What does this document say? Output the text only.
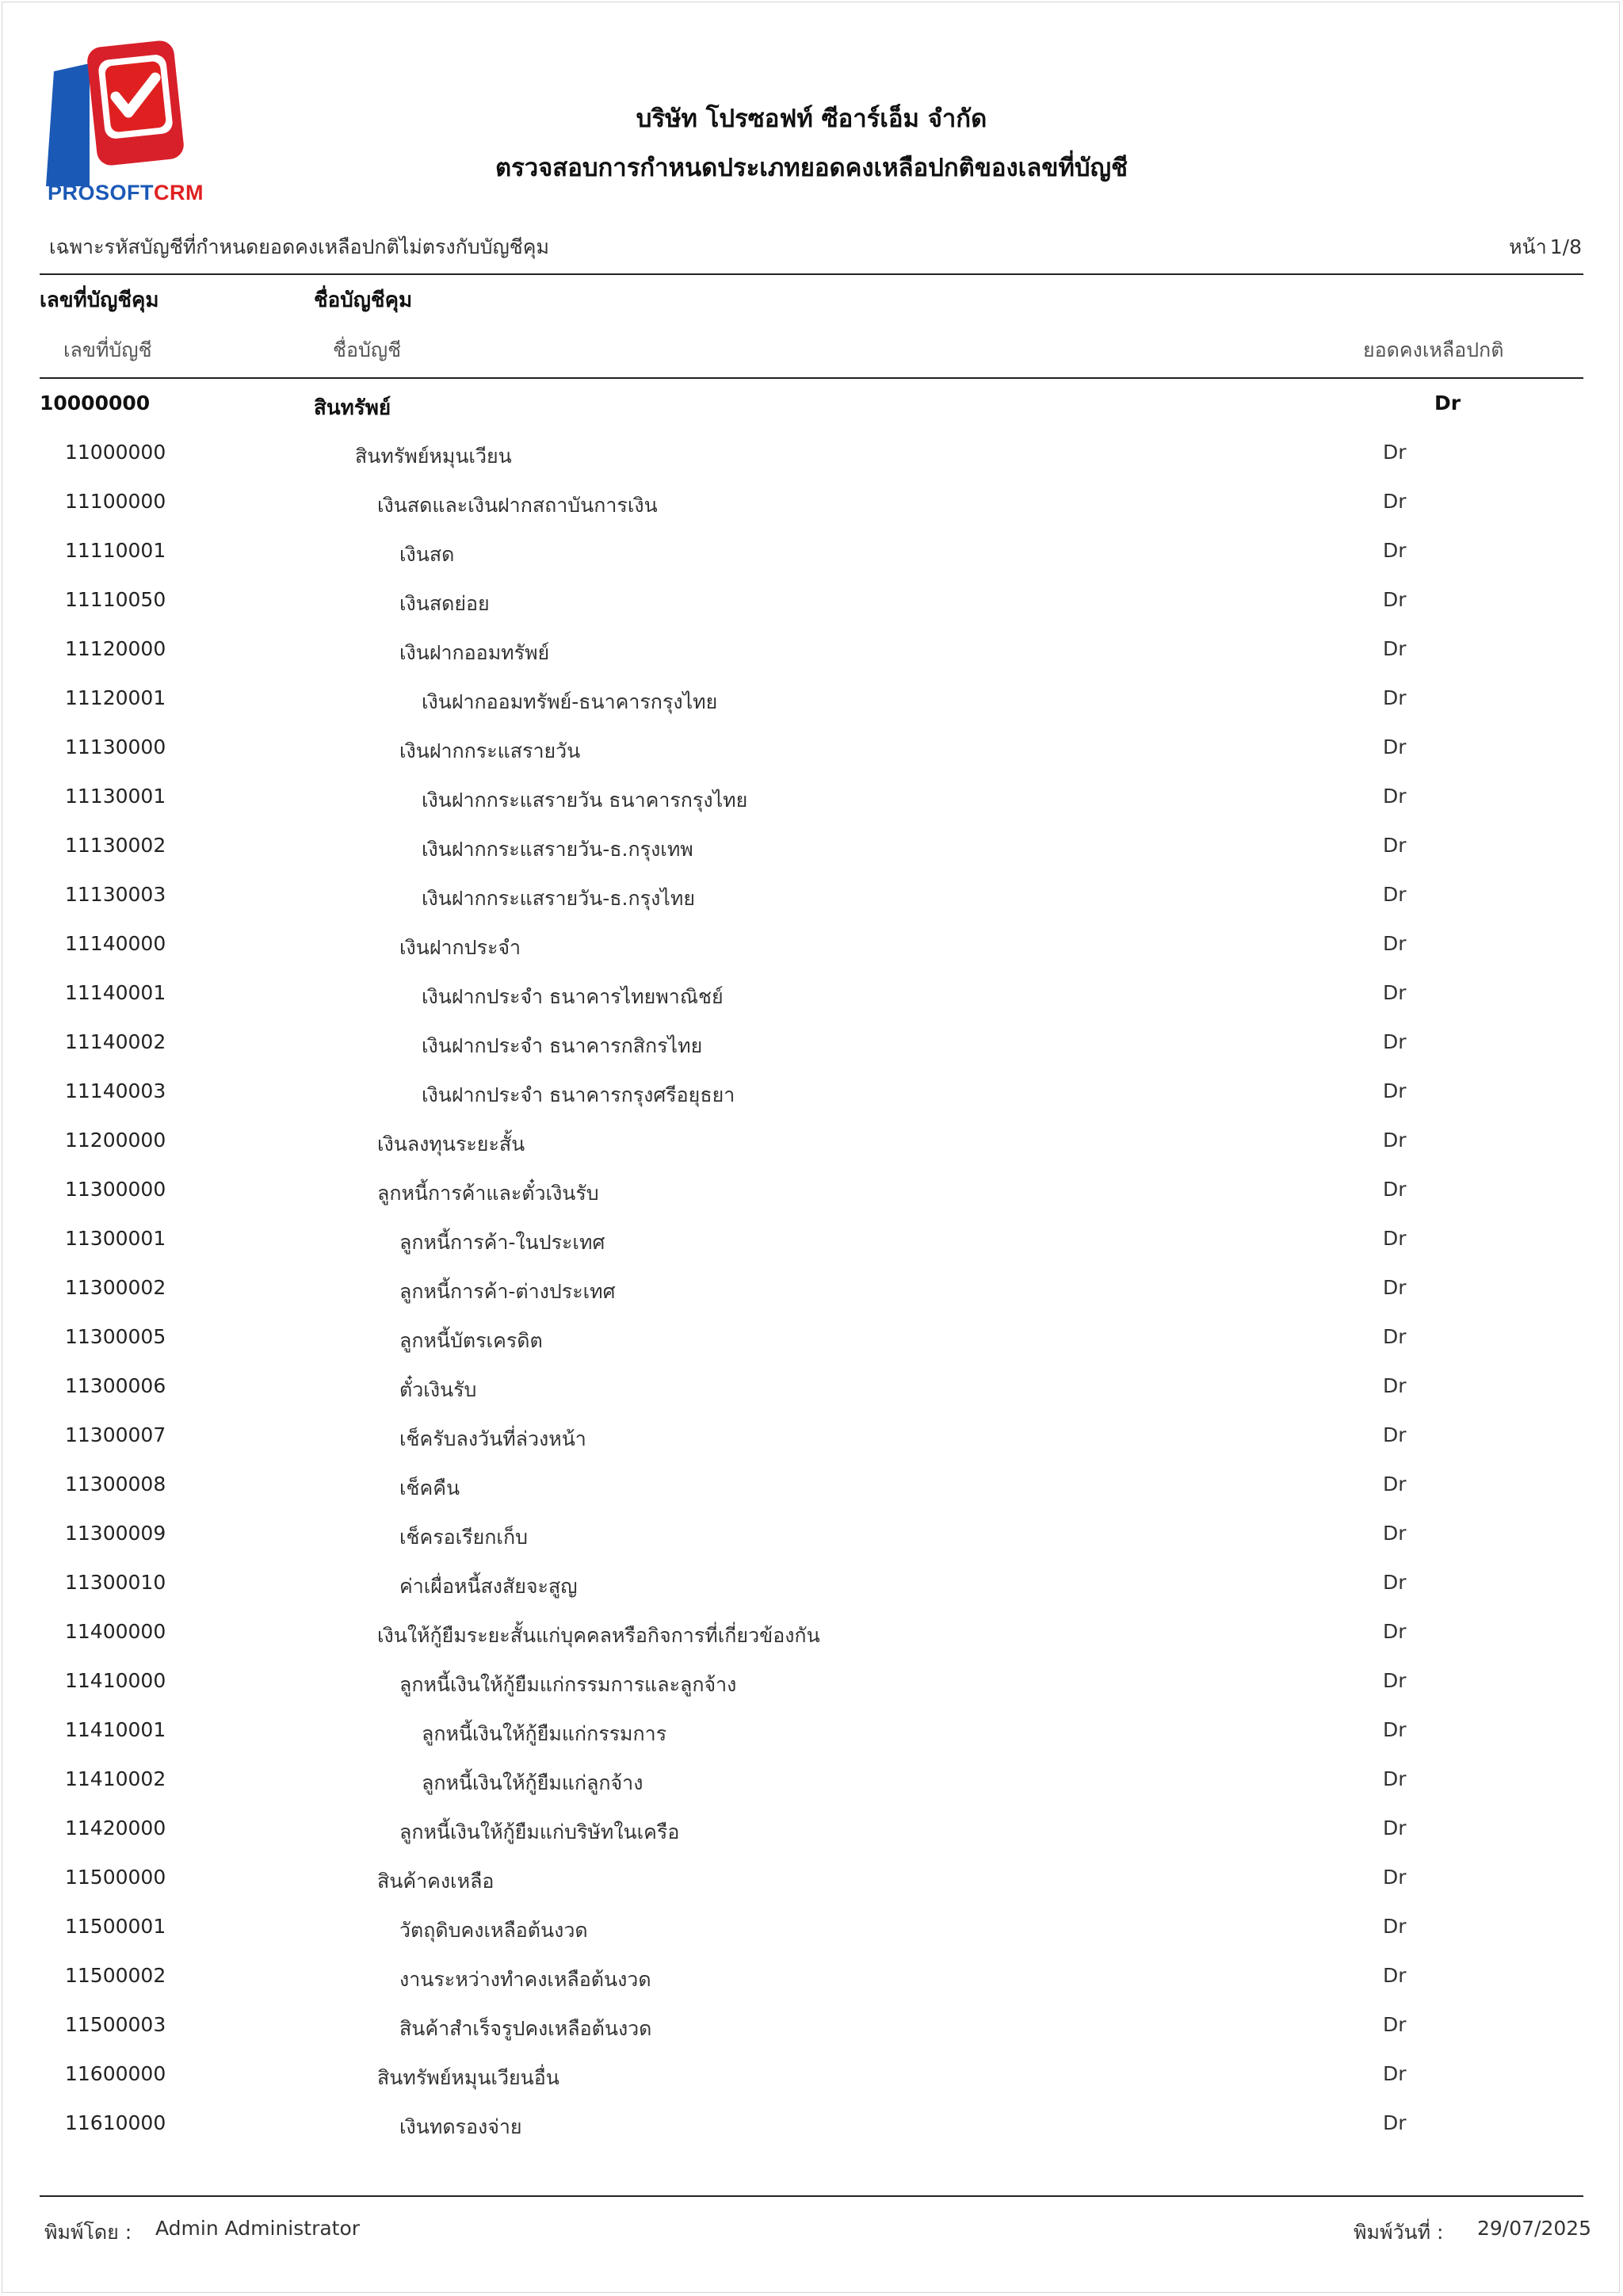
PROSOFTCRM
บริษัท โปรซอฟท์ ซีอาร์เอ็ม จำกัด
ตรวจสอบการกำหนดประเภทยอดคงเหลือปกติของเลขที่บัญชี
เฉพาะรหัสบัญชีที่กำหนดยอดคงเหลือปกติไม่ตรงกับบัญชีคุม	หน้า 1/8
เลขที่บัญชีคุม	ชื่อบัญชีคุม
เลขที่บัญชี	ชื่อบัญชี	ยอดคงเหลือปกติ
10000000	สินทรัพย์	Dr
11000000	สินทรัพย์หมุนเวียน	Dr
11100000	เงินสดและเงินฝากสถาบันการเงิน	Dr
11110001	เงินสด	Dr
11110050	เงินสดย่อย	Dr
11120000	เงินฝากออมทรัพย์	Dr
11120001	เงินฝากออมทรัพย์-ธนาคารกรุงไทย	Dr
11130000	เงินฝากกระแสรายวัน	Dr
11130001	เงินฝากกระแสรายวัน ธนาคารกรุงไทย	Dr
11130002	เงินฝากกระแสรายวัน-ธ.กรุงเทพ	Dr
11130003	เงินฝากกระแสรายวัน-ธ.กรุงไทย	Dr
11140000	เงินฝากประจำ	Dr
11140001	เงินฝากประจำ ธนาคารไทยพาณิชย์	Dr
11140002	เงินฝากประจำ ธนาคารกสิกรไทย	Dr
11140003	เงินฝากประจำ ธนาคารกรุงศรีอยุธยา	Dr
11200000	เงินลงทุนระยะสั้น	Dr
11300000	ลูกหนี้การค้าและตั๋วเงินรับ	Dr
11300001	ลูกหนี้การค้า-ในประเทศ	Dr
11300002	ลูกหนี้การค้า-ต่างประเทศ	Dr
11300005	ลูกหนี้บัตรเครดิต	Dr
11300006	ตั๋วเงินรับ	Dr
11300007	เช็ครับลงวันที่ล่วงหน้า	Dr
11300008	เช็คคืน	Dr
11300009	เช็ครอเรียกเก็บ	Dr
11300010	ค่าเผื่อหนี้สงสัยจะสูญ	Dr
11400000	เงินให้กู้ยืมระยะสั้นแก่บุคคลหรือกิจการที่เกี่ยวข้องกัน	Dr
11410000	ลูกหนี้เงินให้กู้ยืมแก่กรรมการและลูกจ้าง	Dr
11410001	ลูกหนี้เงินให้กู้ยืมแก่กรรมการ	Dr
11410002	ลูกหนี้เงินให้กู้ยืมแก่ลูกจ้าง	Dr
11420000	ลูกหนี้เงินให้กู้ยืมแก่บริษัทในเครือ	Dr
11500000	สินค้าคงเหลือ	Dr
11500001	วัตถุดิบคงเหลือต้นงวด	Dr
11500002	งานระหว่างทำคงเหลือต้นงวด	Dr
11500003	สินค้าสำเร็จรูปคงเหลือต้นงวด	Dr
11600000	สินทรัพย์หมุนเวียนอื่น	Dr
11610000	เงินทดรองจ่าย	Dr
พิมพ์โดย : Admin Administrator	พิมพ์วันที่ : 29/07/2025
